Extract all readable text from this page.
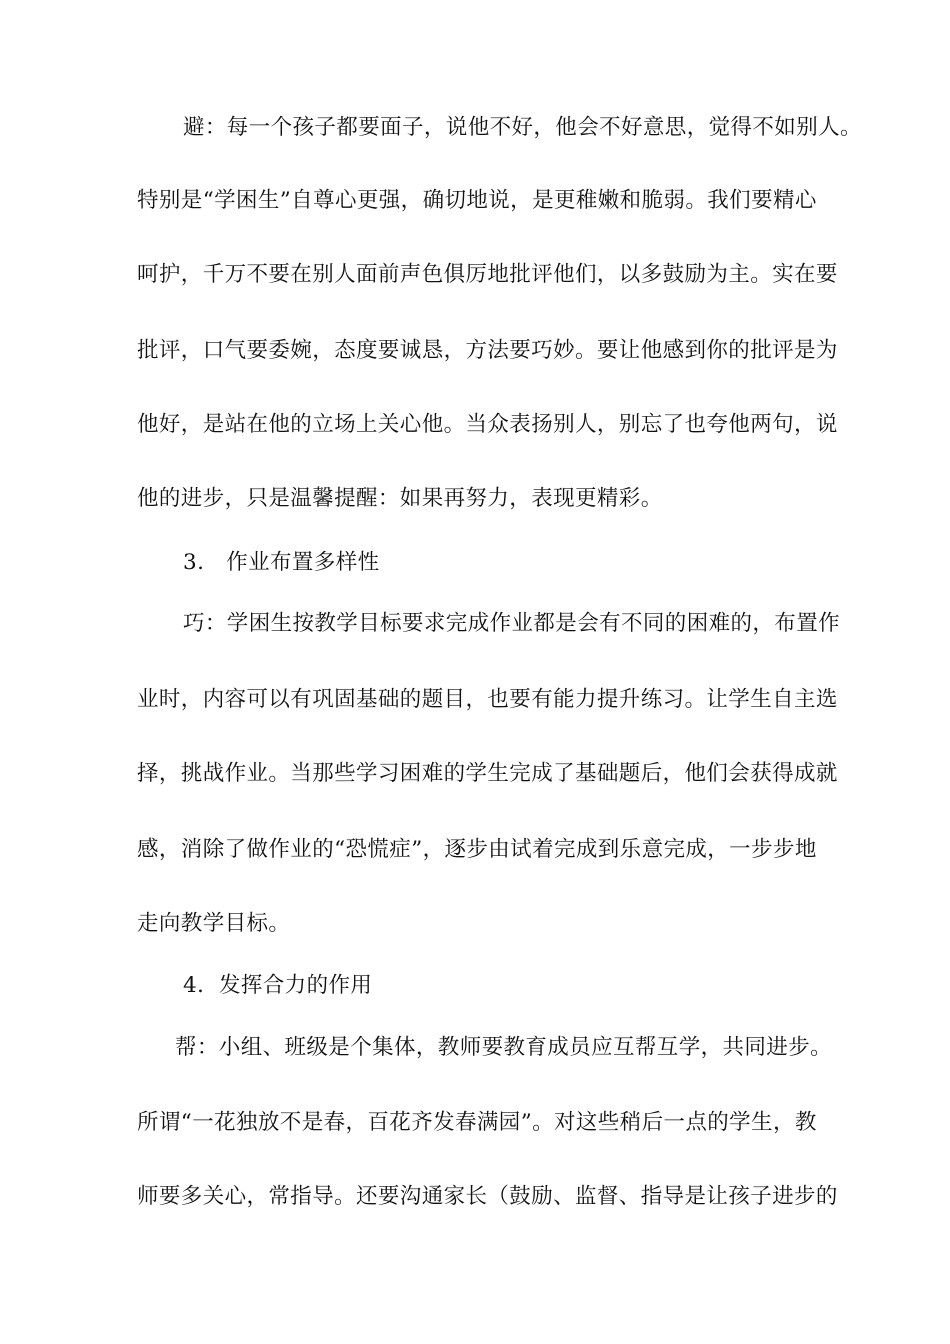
避：每一个孩子都要面子，说他不好，他会不好意思，觉得不如别人。
特别是“学困生”自尊心更强，确切地说，是更稚嫩和脆弱。我们要精心
呵护，千万不要在别人面前声色俱厉地批评他们，以多鼓励为主。实在要
批评，口气要委婉，态度要诚恳，方法要巧妙。要让他感到你的批评是为
他好，是站在他的立场上关心他。当众表扬别人，别忘了也夸他两句，说
他的进步，只是温馨提醒：如果再努力，表现更精彩。
3.　作业布置多样性
巧：学困生按教学目标要求完成作业都是会有不同的困难的，布置作
业时，内容可以有巩固基础的题目，也要有能力提升练习。让学生自主选
择，挑战作业。当那些学习困难的学生完成了基础题后，他们会获得成就
感，消除了做作业的“恐慌症”，逐步由试着完成到乐意完成，一步步地
走向教学目标。
4．发挥合力的作用
帮：小组、班级是个集体，教师要教育成员应互帮互学，共同进步。
所谓“一花独放不是春，百花齐发春满园”。对这些稍后一点的学生，教
师要多关心，常指导。还要沟通家长（鼓励、监督、指导是让孩子进步的
